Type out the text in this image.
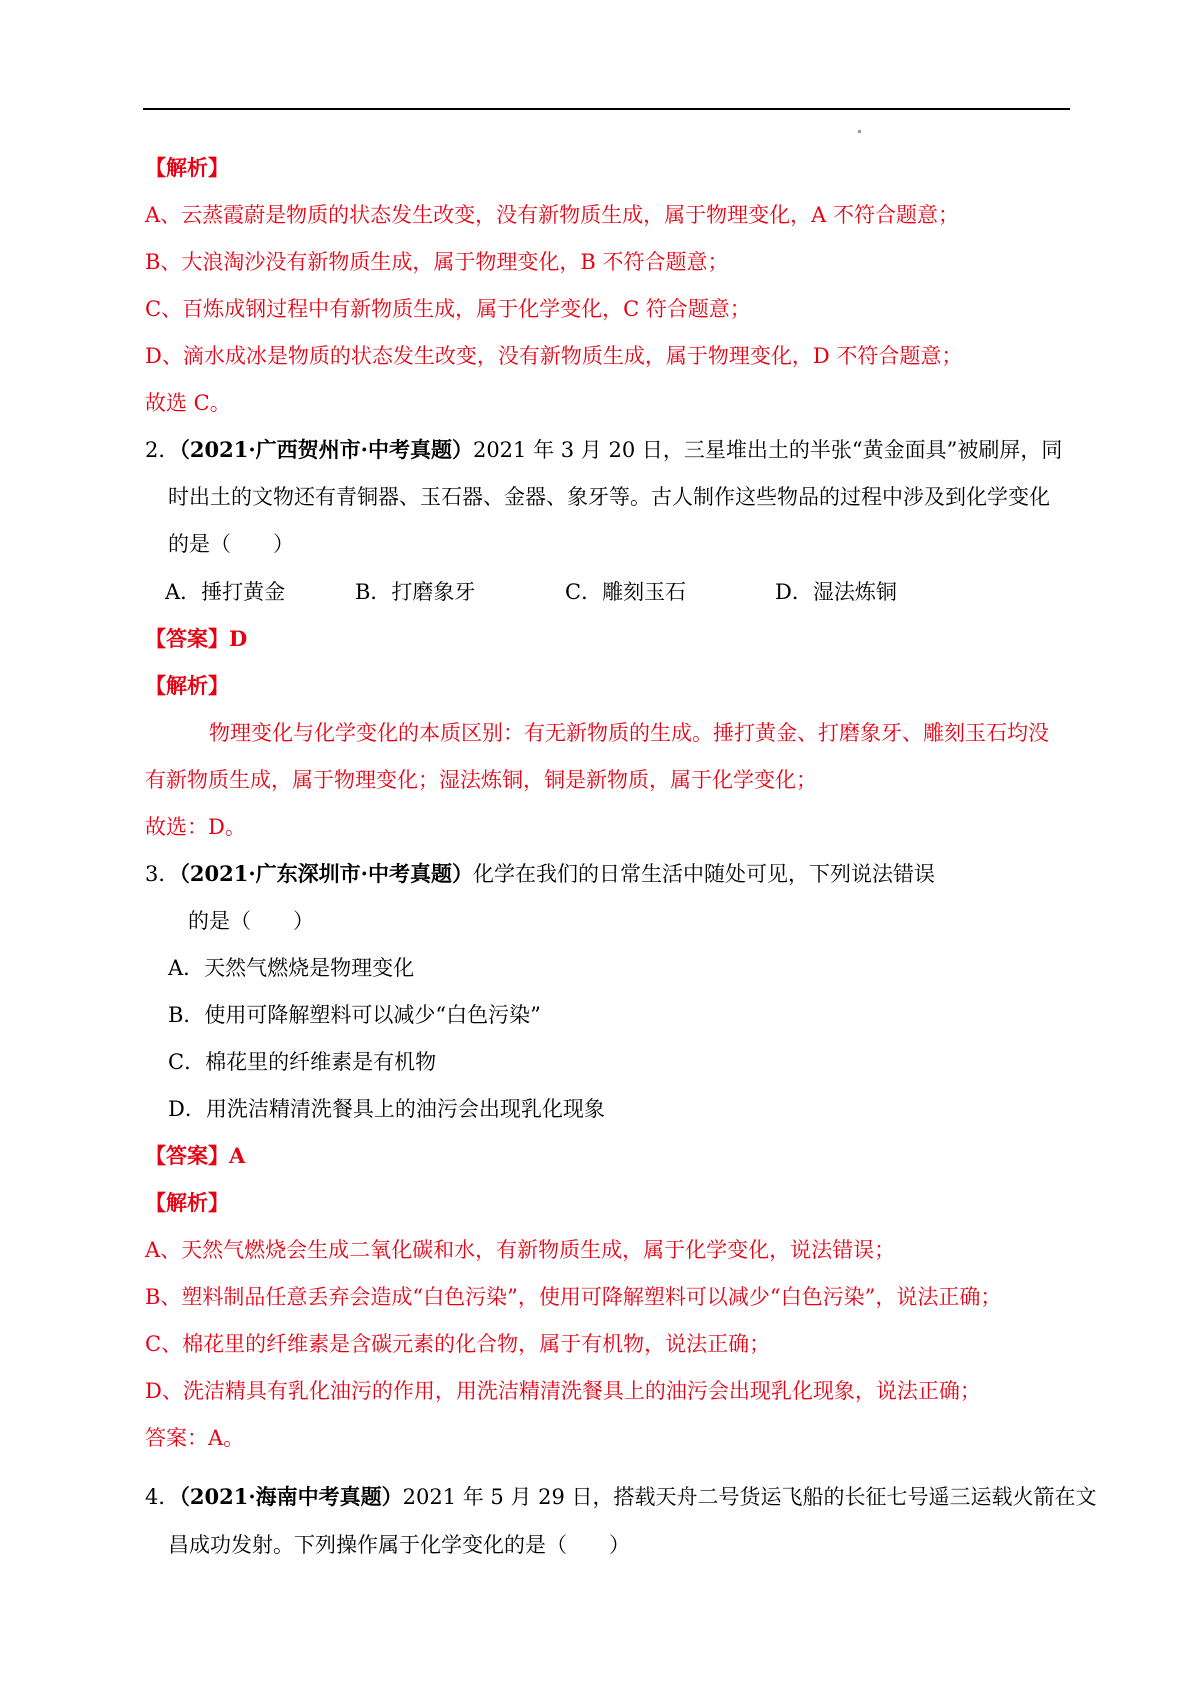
【解析】
A、云蒸霞蔚是物质的状态发生改变，没有新物质生成，属于物理变化，A 不符合题意；
B、大浪淘沙没有新物质生成，属于物理变化，B 不符合题意；
C、百炼成钢过程中有新物质生成，属于化学变化，C 符合题意；
D、滴水成冰是物质的状态发生改变，没有新物质生成，属于物理变化，D 不符合题意；
故选 C。
2．（2021·广西贺州市·中考真题）2021 年 3 月 20 日，三星堆出土的半张“黄金面具”被刷屏，同
时出土的文物还有青铜器、玉石器、金器、象牙等。古人制作这些物品的过程中涉及到化学变化
的是（　　）
A．捶打黄金	B．打磨象牙	C．雕刻玉石	D．湿法炼铜
【答案】D
【解析】
物理变化与化学变化的本质区别：有无新物质的生成。捶打黄金、打磨象牙、雕刻玉石均没
有新物质生成，属于物理变化；湿法炼铜，铜是新物质，属于化学变化；
故选：D。
3．（2021·广东深圳市·中考真题）化学在我们的日常生活中随处可见，下列说法错误
的是（　　）
A．天然气燃烧是物理变化
B．使用可降解塑料可以减少“白色污染”
C．棉花里的纤维素是有机物
D．用洗洁精清洗餐具上的油污会出现乳化现象
【答案】A
【解析】
A、天然气燃烧会生成二氧化碳和水，有新物质生成，属于化学变化，说法错误；
B、塑料制品任意丢弃会造成“白色污染”，使用可降解塑料可以减少“白色污染”，说法正确；
C、棉花里的纤维素是含碳元素的化合物，属于有机物，说法正确；
D、洗洁精具有乳化油污的作用，用洗洁精清洗餐具上的油污会出现乳化现象，说法正确；
答案：A。
4．（2021·海南中考真题）2021 年 5 月 29 日，搭载天舟二号货运飞船的长征七号遥三运载火箭在文
昌成功发射。下列操作属于化学变化的是（　　）
